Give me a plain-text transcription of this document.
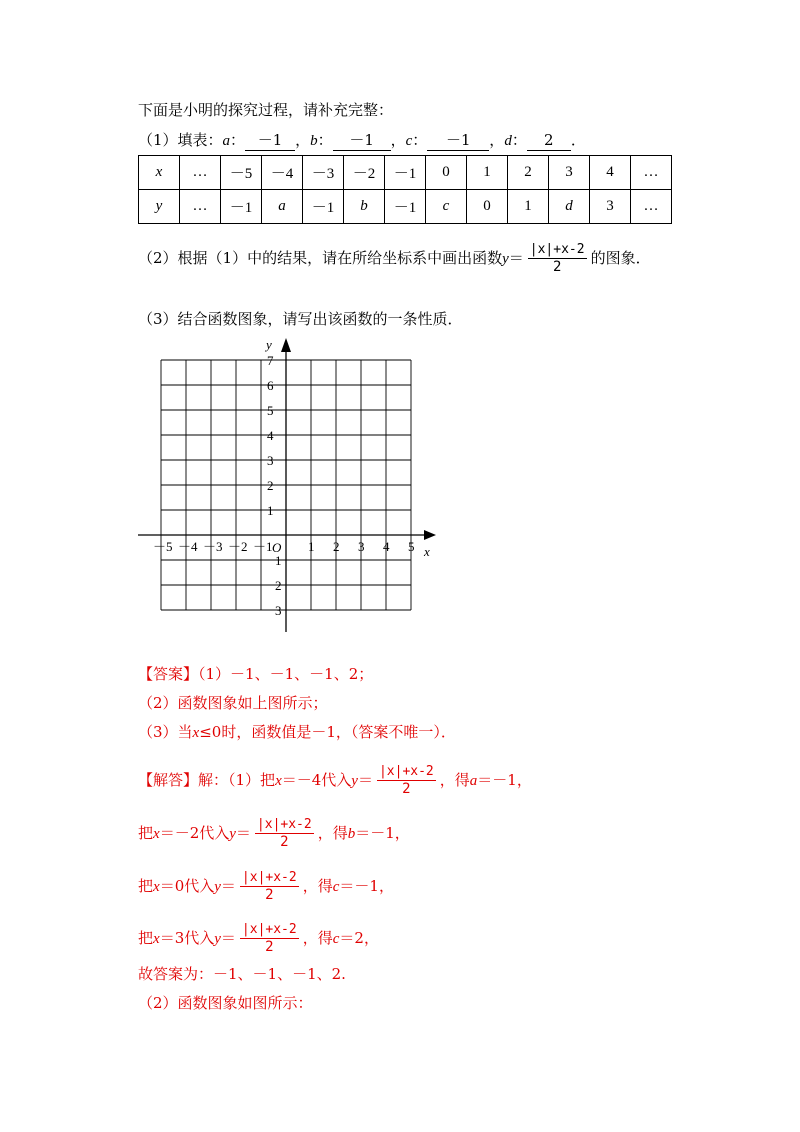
下面是小明的探究过程，请补充完整：
（1）填表：a： －1 ，b： －1 ，c： －1 ，d： 2 ．
x	…	－5	－4	－3	－2	－1	0	1	2	3	4	…
y	…	－1	a	－1	b	－1	c	0	1	d	3	…
（2）根据（1）中的结果，请在所给坐标系中画出函数$y= \frac{|x|+x-2}{2}$ 的图象．
（3）结合函数图象，请写出该函数的一条性质．
x
y
O
－5 －4 －3 －2 －1	1 2 3 4 5
7
6
5
4
3
2
1
－1
－2
－3
【答案】（1）－1、－1、－1、2；
（2）函数图象如上图所示；
（3）当x≤0时，函数值是－1，（答案不唯一）．
【解答】解：（1）把x＝－4代入$y= \frac{|x|+x-2}{2}$ ，得a＝－1，
把x＝－2代入$y= \frac{|x|+x-2}{2}$ ，得b＝－1，
把x＝0代入$y= \frac{|x|+x-2}{2}$ ，得c＝－1，
把x＝3代入$y= \frac{|x|+x-2}{2}$ ，得c＝2，
故答案为：－1、－1、－1、2.
（2）函数图象如图所示：
